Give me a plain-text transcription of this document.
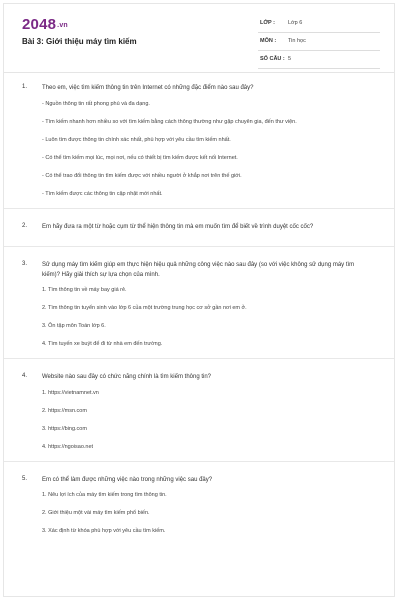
2048.vn
Bài 3: Giới thiệu máy tìm kiếm
LỚP : Lớp 6
MÔN : Tin học
SỐ CÂU : 5
1. Theo em, việc tìm kiếm thông tin trên Internet có những đặc điểm nào sau đây?
- Nguồn thông tin rất phong phú và đa dạng.
- Tìm kiếm nhanh hơn nhiều so với tìm kiếm bằng cách thông thường như gặp chuyên gia, đến thư viện.
- Luôn tìm được thông tin chính xác nhất, phù hợp với yêu cầu tìm kiếm nhất.
- Có thể tìm kiếm mọi lúc, mọi nơi, nếu có thiết bị tìm kiếm được kết nối Internet.
- Có thể trao đổi thông tin tìm kiếm được với nhiều người ở khắp nơi trên thế giới.
- Tìm kiếm được các thông tin cập nhật mới nhất.
2. Em hãy đưa ra một từ hoặc cụm từ thể hiện thông tin mà em muốn tìm để biết về trình duyệt cốc cốc?
3. Sử dụng máy tìm kiếm giúp em thực hiện hiệu quả những công việc nào sau đây (so với việc không sử dụng máy tìm kiếm)? Hãy giải thích sự lựa chọn của mình.
1. Tìm thông tin về máy bay giá rẻ.
2. Tìm thông tin tuyển sinh vào lớp 6 của một trường trung học cơ sở gần nơi em ở.
3. Ôn tập môn Toán lớp 6.
4. Tìm tuyến xe buýt để đi từ nhà em đến trường.
4. Website nào sau đây có chức năng chính là tìm kiếm thông tin?
1. https://vietnamnet.vn
2. https://msn.com
3. https://bing.com
4. https://ngoisao.net
5. Em có thể làm được những việc nào trong những việc sau đây?
1. Nêu lợi ích của máy tìm kiếm trong tìm thông tin.
2. Giới thiệu một vài máy tìm kiếm phổ biến.
3. Xác định từ khóa phù hợp với yêu cầu tìm kiếm.
